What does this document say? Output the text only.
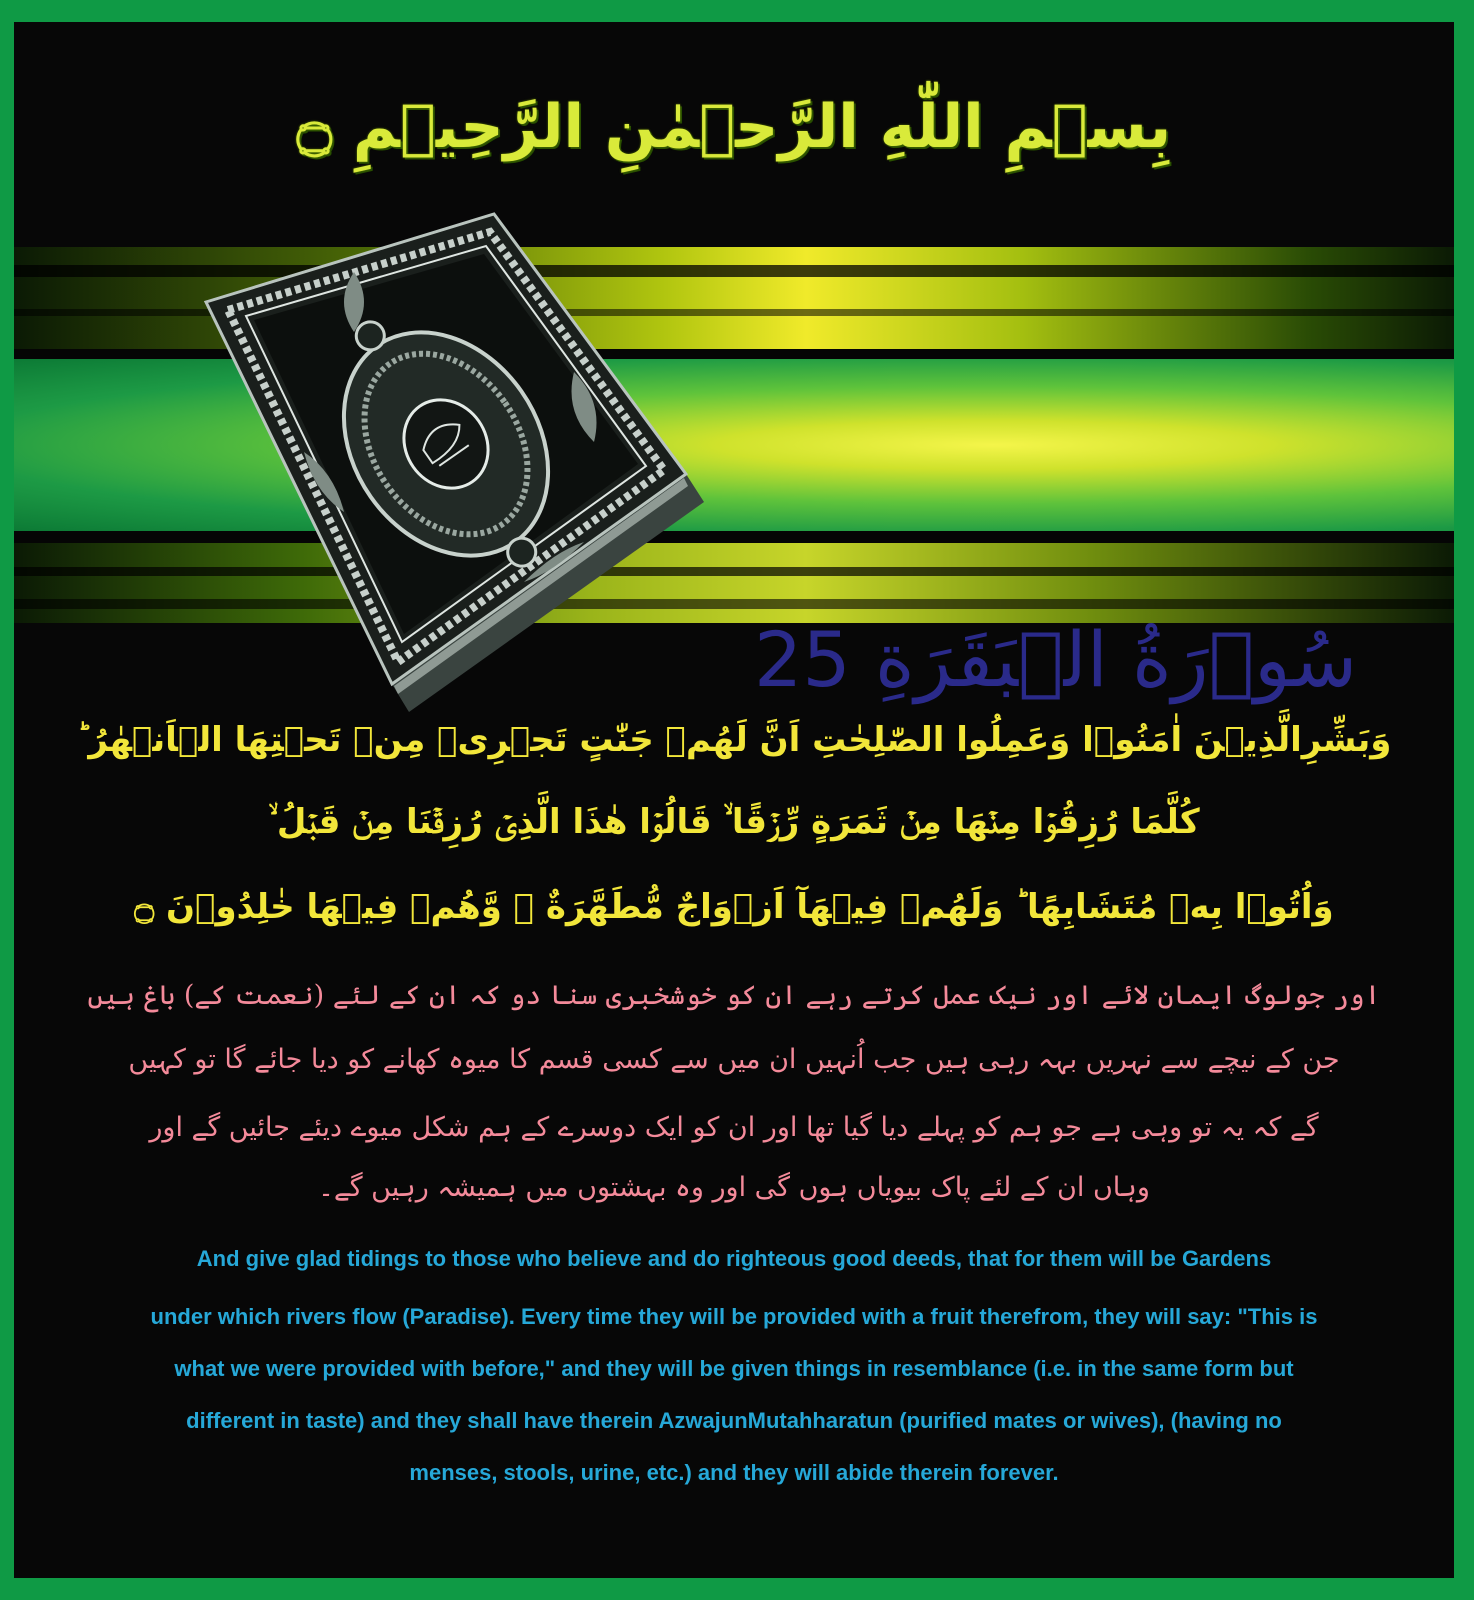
بِسۡمِ اللّٰهِ الرَّحۡمٰنِ الرَّحِيۡمِ ۝
25 سُوۡرَةُ الۡبَقَرَةِ
وَبَشِّرِالَّذِيۡنَ اٰمَنُوۡا وَعَمِلُوا الصّٰلِحٰتِ اَنَّ لَهُمۡ جَنّٰتٍ تَجۡرِىۡ مِنۡ تَحۡتِهَا الۡاَنۡهٰرُ ؕ
كُلَّمَا رُزِقُوۡا مِنۡهَا مِنۡ ثَمَرَةٍ رِّزۡقًا ۙ قَالُوۡا هٰذَا الَّذِىۡ رُزِقۡنَا مِنۡ قَبۡلُ ۙ
وَاُتُوۡا بِهٖ مُتَشَابِهًا ؕ وَلَهُمۡ فِيۡهَآ اَزۡوَاجٌ مُّطَهَّرَةٌ ۙ وَّهُمۡ فِيۡهَا خٰلِدُوۡنَ ۝
اور جولوگ ایمان لائے اور نیک عمل کرتے رہے ان کو خوشخبری سنا دو کہ ان کے لئے (نعمت کے) باغ ہیں
جن کے نیچے سے نہریں بہہ رہی ہیں جب اُنہیں ان میں سے کسی قسم کا میوہ کھانے کو دیا جائے گا تو کہیں
گے کہ یہ تو وہی ہے جو ہم کو پہلے دیا گیا تھا اور ان کو ایک دوسرے کے ہم شکل میوے دیئے جائیں گے اور
وہاں ان کے لئے پاک بیویاں ہوں گی اور وہ بہشتوں میں ہمیشہ رہیں گے۔
And give glad tidings to those who believe and do righteous good deeds, that for them will be Gardens
under which rivers flow (Paradise). Every time they will be provided with a fruit therefrom, they will say: "This is
what we were provided with before," and they will be given things in resemblance (i.e. in the same form but
different in taste) and they shall have therein AzwajunMutahharatun (purified mates or wives), (having no
menses, stools, urine, etc.) and they will abide therein forever.
